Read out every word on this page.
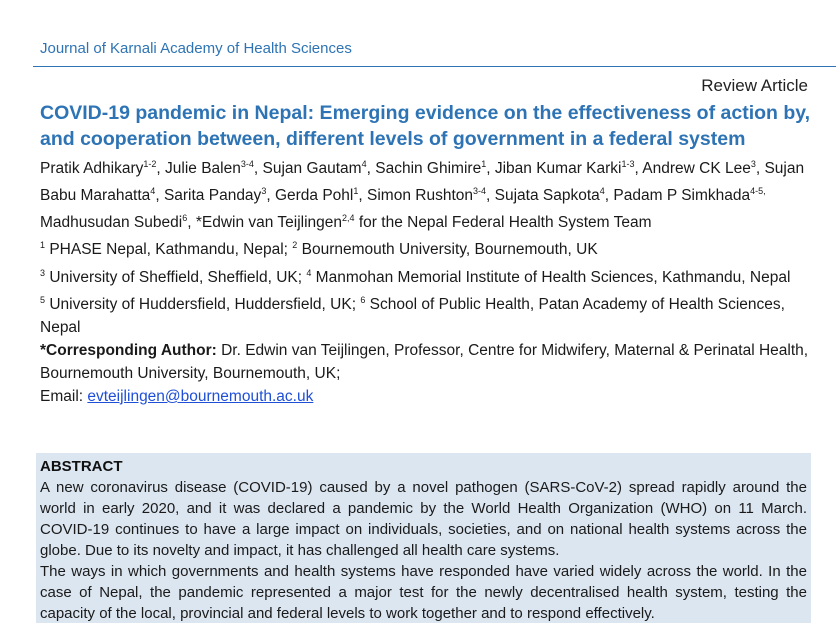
Journal of Karnali Academy of Health Sciences
Review Article
COVID-19 pandemic in Nepal: Emerging evidence on the effectiveness of action by, and cooperation between, different levels of government in a federal system
Pratik Adhikary$^{1-2}$, Julie Balen$^{3-4}$, Sujan Gautam$^4$, Sachin Ghimire$^1$, Jiban Kumar Karki$^{1-3}$, Andrew CK Lee$^3$, Sujan Babu Marahatta$^4$, Sarita Panday$^3$, Gerda Pohl$^1$, Simon Rushton$^{3-4}$, Sujata Sapkota$^4$, Padam P Simkhada$^{4-5,}$ Madhusudan Subedi$^6$, *Edwin van Teijlingen$^{2,4}$ for the Nepal Federal Health System Team
$^1$ PHASE Nepal, Kathmandu, Nepal; $^2$ Bournemouth University, Bournemouth, UK
$^3$ University of Sheffield, Sheffield, UK; $^4$ Manmohan Memorial Institute of Health Sciences, Kathmandu, Nepal
$^5$ University of Huddersfield, Huddersfield, UK; $^6$ School of Public Health, Patan Academy of Health Sciences, Nepal
*Corresponding Author: Dr. Edwin van Teijlingen, Professor, Centre for Midwifery, Maternal & Perinatal Health, Bournemouth University, Bournemouth, UK;
Email: evteijlingen@bournemouth.ac.uk
ABSTRACT

A new coronavirus disease (COVID-19) caused by a novel pathogen (SARS-CoV-2) spread rapidly around the world in early 2020, and it was declared a pandemic by the World Health Organization (WHO) on 11 March. COVID-19 continues to have a large impact on individuals, societies, and on national health systems across the globe. Due to its novelty and impact, it has challenged all health care systems.

The ways in which governments and health systems have responded have varied widely across the world. In the case of Nepal, the pandemic represented a major test for the newly decentralised health system, testing the capacity of the local, provincial and federal levels to work together and to respond effectively.
